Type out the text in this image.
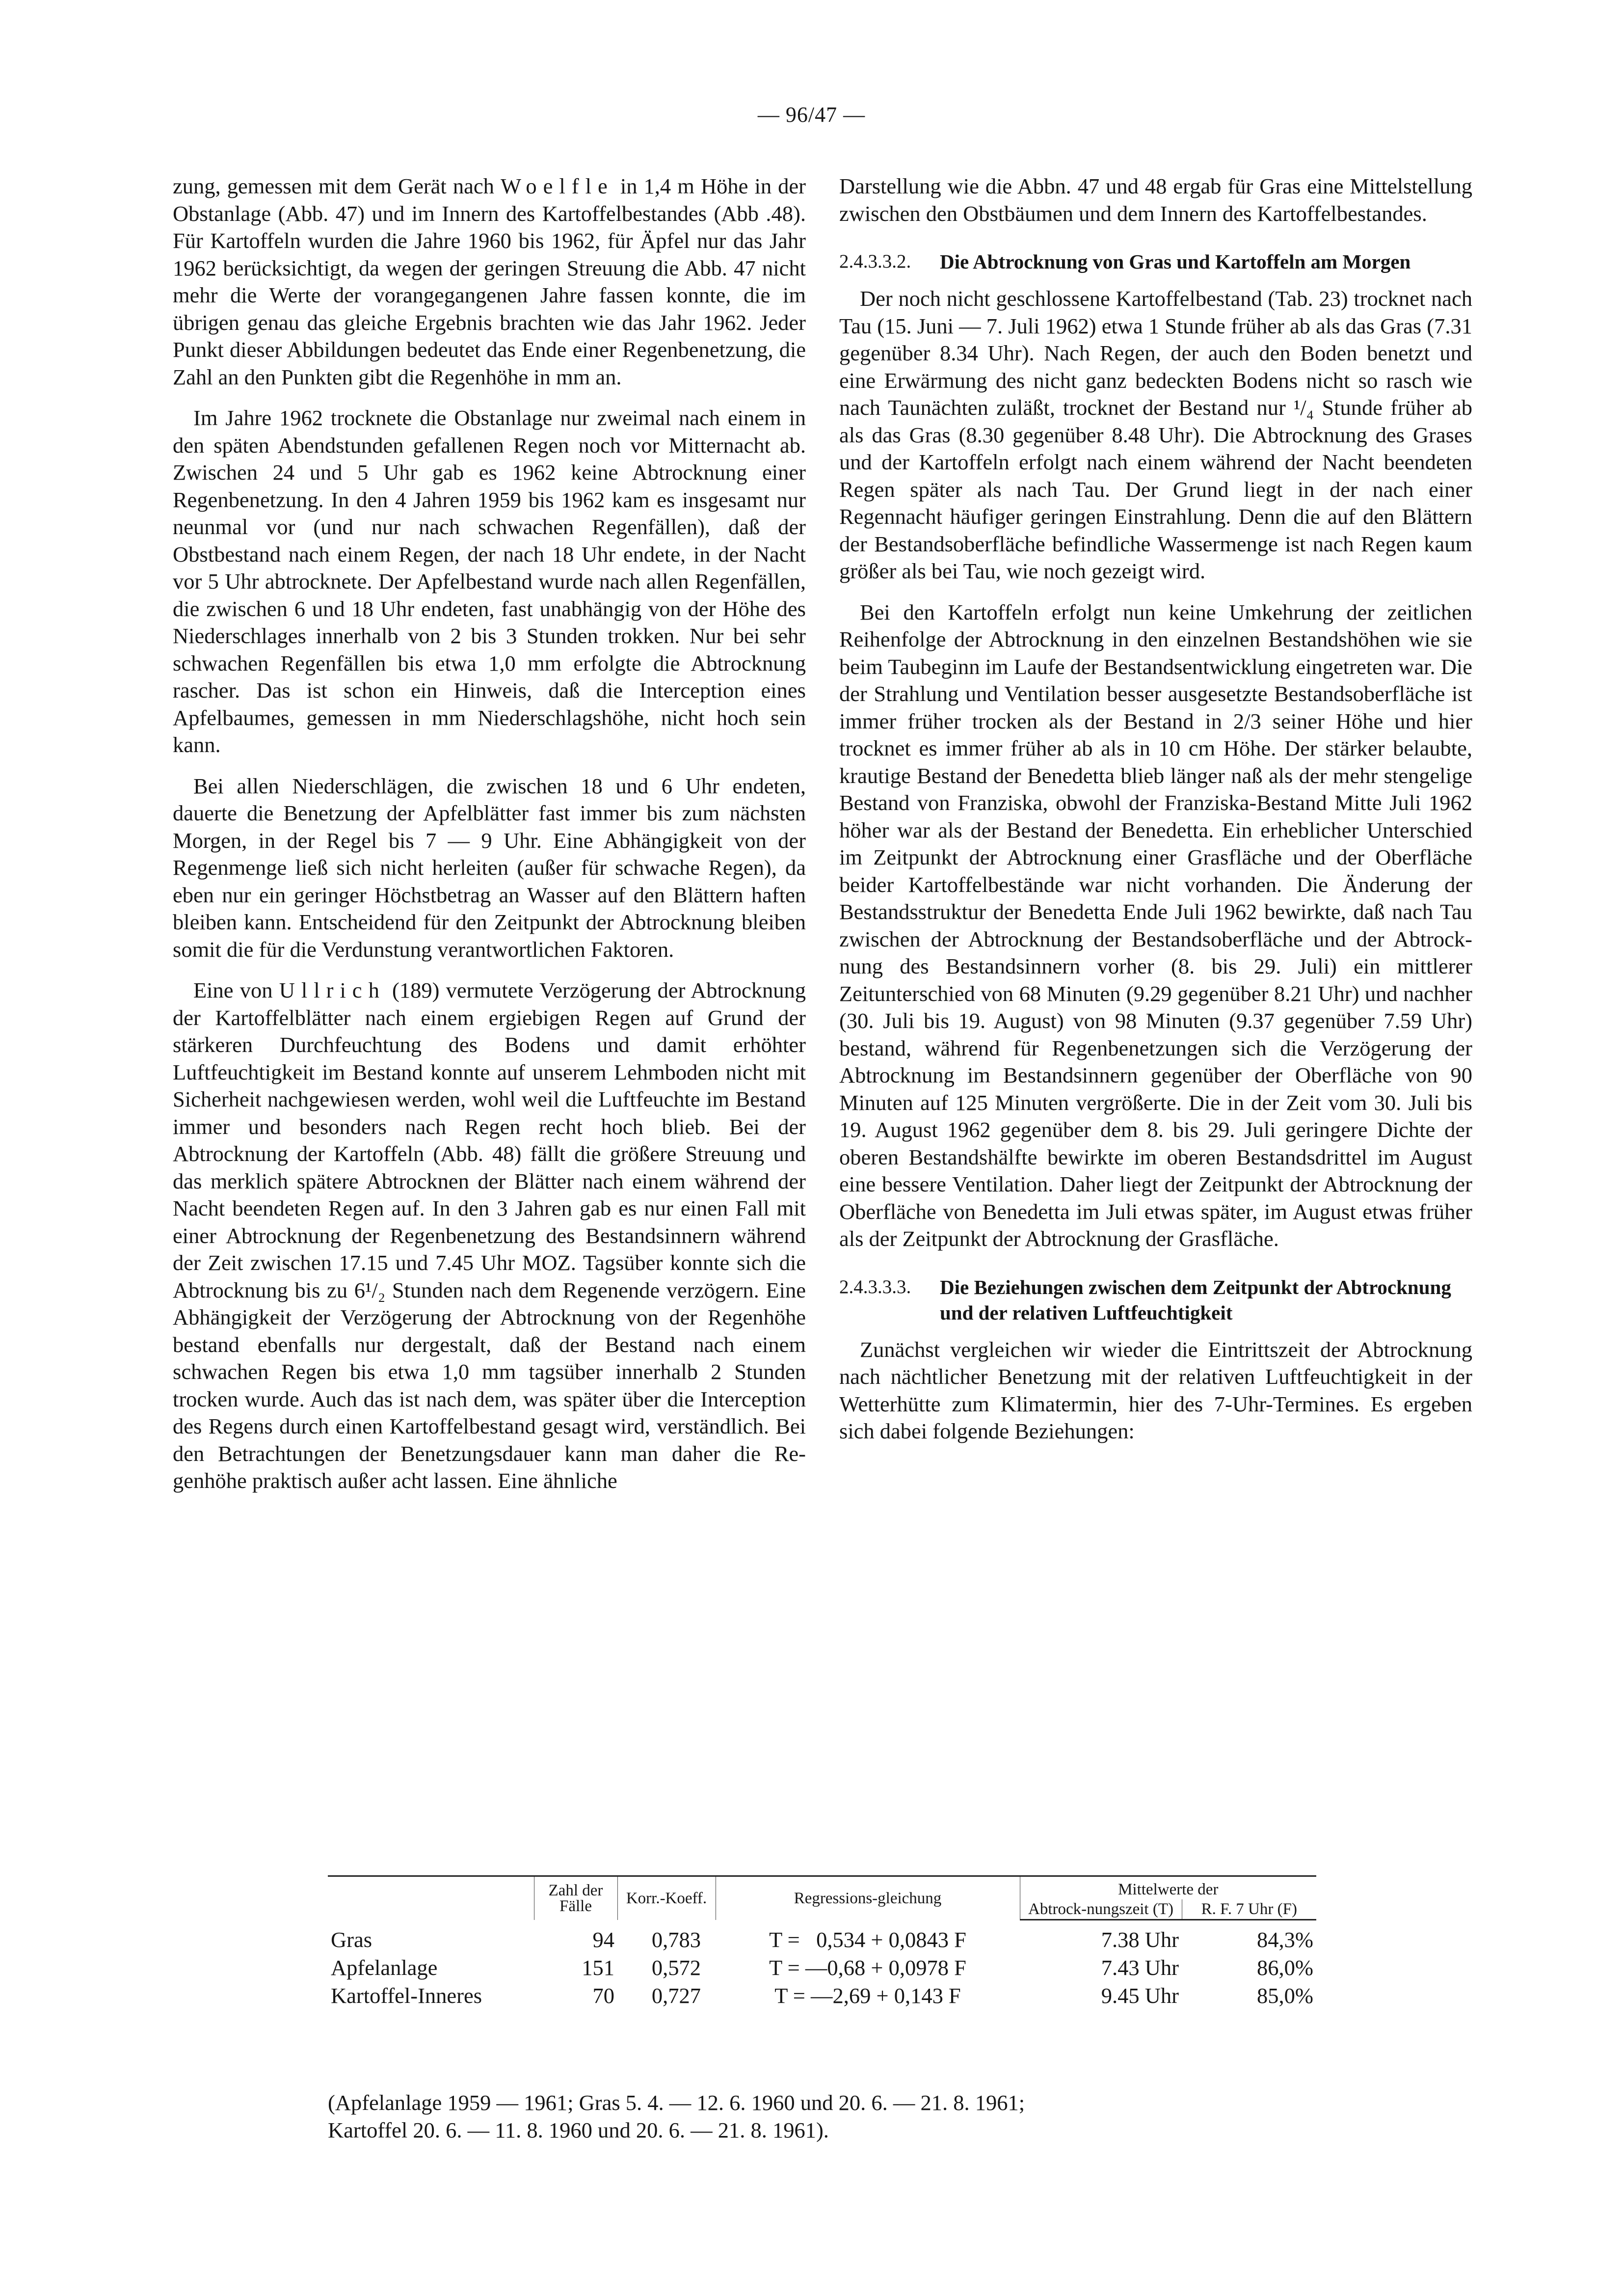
— 96/47 —

zung, gemessen mit dem Gerät nach Woelfle in 1,4 m Höhe in der Obstanlage (Abb. 47) und im Innern des Kartoffelbestandes (Abb .48). Für Kartoffeln wurden die Jahre 1960 bis 1962, für Äpfel nur das Jahr 1962 berücksichtigt, da wegen der geringen Streuung die Abb. 47 nicht mehr die Werte der vorangegangenen Jahre fassen konnte, die im übrigen genau das gleiche Ergebnis brachten wie das Jahr 1962. Jeder Punkt dieser Abbildungen bedeutet das Ende einer Regenbenetzung, die Zahl an den Punkten gibt die Regenhöhe in mm an.

Im Jahre 1962 trocknete die Obstanlage nur zweimal nach einem in den späten Abendstunden gefallenen Regen noch vor Mitternacht ab. Zwischen 24 und 5 Uhr gab es 1962 keine Abtrocknung einer Regenbenetzung. In den 4 Jahren 1959 bis 1962 kam es insgesamt nur neunmal vor (und nur nach schwachen Regenfällen), daß der Obstbestand nach einem Regen, der nach 18 Uhr endete, in der Nacht vor 5 Uhr abtrocknete. Der Apfelbestand wurde nach allen Regenfällen, die zwischen 6 und 18 Uhr endeten, fast unabhängig von der Höhe des Niederschlages innerhalb von 2 bis 3 Stunden trokken. Nur bei sehr schwachen Regenfällen bis etwa 1,0 mm erfolgte die Abtrocknung rascher. Das ist schon ein Hinweis, daß die Interception eines Apfelbaumes, gemessen in mm Niederschlagshöhe, nicht hoch sein kann.

Bei allen Niederschlägen, die zwischen 18 und 6 Uhr endeten, dauerte die Benetzung der Apfelblätter fast immer bis zum nächsten Morgen, in der Regel bis 7 — 9 Uhr. Eine Abhängigkeit von der Regenmenge ließ sich nicht herleiten (außer für schwache Regen), da eben nur ein geringer Höchstbetrag an Wasser auf den Blättern haften bleiben kann. Entscheidend für den Zeitpunkt der Abtrocknung bleiben somit die für die Verdunstung verantwortlichen Faktoren.

Eine von Ullrich (189) vermutete Verzögerung der Abtrocknung der Kartoffelblätter nach einem ergiebigen Regen auf Grund der stärkeren Durchfeuchtung des Bodens und damit erhöhter Luftfeuchtigkeit im Bestand konnte auf unserem Lehmboden nicht mit Sicherheit nachgewiesen werden, wohl weil die Luftfeuchte im Bestand immer und besonders nach Regen recht hoch blieb. Bei der Abtrocknung der Kartoffeln (Abb. 48) fällt die größere Streuung und das merklich spätere Abtrocknen der Blätter nach einem während der Nacht beendeten Regen auf. In den 3 Jahren gab es nur einen Fall mit einer Abtrocknung der Regenbenetzung des Bestandsinnern während der Zeit zwischen 17.15 und 7.45 Uhr MOZ. Tagsüber konnte sich die Abtrocknung bis zu 6¹/₂ Stunden nach dem Regenende verzögern. Eine Abhängigkeit der Verzögerung der Abtrocknung von der Regenhöhe bestand ebenfalls nur dergestalt, daß der Bestand nach einem schwachen Regen bis etwa 1,0 mm tagsüber innerhalb 2 Stunden trocken wurde. Auch das ist nach dem, was später über die Interception des Regens durch einen Kartoffelbestand gesagt wird, verständlich. Bei den Betrachtungen der Benetzungsdauer kann man daher die Regenhöhe praktisch außer acht lassen. Eine ähnliche

Darstellung wie die Abbn. 47 und 48 ergab für Gras eine Mittelstellung zwischen den Obstbäumen und dem Innern des Kartoffelbestandes.

2.4.3.3.2.	Die Abtrocknung von Gras und Kartoffeln am Morgen

Der noch nicht geschlossene Kartoffelbestand (Tab. 23) trocknet nach Tau (15. Juni — 7. Juli 1962) etwa 1 Stunde früher ab als das Gras (7.31 gegenüber 8.34 Uhr). Nach Regen, der auch den Boden benetzt und eine Erwärmung des nicht ganz bedeckten Bodens nicht so rasch wie nach Taunächten zuläßt, trocknet der Bestand nur ¹/₄ Stunde früher ab als das Gras (8.30 gegenüber 8.48 Uhr). Die Abtrocknung des Grases und der Kartoffeln erfolgt nach einem während der Nacht beendeten Regen später als nach Tau. Der Grund liegt in der nach einer Regennacht häufiger geringen Einstrahlung. Denn die auf den Blättern der Bestandsoberfläche befindliche Wassermenge ist nach Regen kaum größer als bei Tau, wie noch gezeigt wird.

Bei den Kartoffeln erfolgt nun keine Umkehrung der zeitlichen Reihenfolge der Abtrocknung in den einzelnen Bestandshöhen wie sie beim Taubeginn im Laufe der Bestandsentwicklung eingetreten war. Die der Strahlung und Ventilation besser ausgesetzte Bestandsoberfläche ist immer früher trocken als der Bestand in 2/3 seiner Höhe und hier trocknet es immer früher ab als in 10 cm Höhe. Der stärker belaubte, krautige Bestand der Benedetta blieb länger naß als der mehr stengelige Bestand von Franziska, obwohl der Franziska-Bestand Mitte Juli 1962 höher war als der Bestand der Benedetta. Ein erheblicher Unterschied im Zeitpunkt der Abtrocknung einer Grasfläche und der Oberfläche beider Kartoffelbestände war nicht vorhanden. Die Änderung der Bestandsstruktur der Benedetta Ende Juli 1962 bewirkte, daß nach Tau zwischen der Abtrocknung der Bestandsoberfläche und der Abtrocknung des Bestandsinnern vorher (8. bis 29. Juli) ein mittlerer Zeitunterschied von 68 Minuten (9.29 gegenüber 8.21 Uhr) und nachher (30. Juli bis 19. August) von 98 Minuten (9.37 gegenüber 7.59 Uhr) bestand, während für Regenbenetzungen sich die Verzögerung der Abtrocknung im Bestandsinnern gegenüber der Oberfläche von 90 Minuten auf 125 Minuten vergrößerte. Die in der Zeit vom 30. Juli bis 19. August 1962 gegenüber dem 8. bis 29. Juli geringere Dichte der oberen Bestandshälfte bewirkte im oberen Bestandsdrittel im August eine bessere Ventilation. Daher liegt der Zeitpunkt der Abtrocknung der Oberfläche von Benedetta im Juli etwas später, im August etwas früher als der Zeitpunkt der Abtrocknung der Grasfläche.

2.4.3.3.3.	Die Beziehungen zwischen dem Zeitpunkt der Abtrocknung und der relativen Luftfeuchtigkeit

Zunächst vergleichen wir wieder die Eintrittszeit der Abtrocknung nach nächtlicher Benetzung mit der relativen Luftfeuchtigkeit in der Wetterhütte zum Klimatermin, hier des 7-Uhr-Termines. Es ergeben sich dabei folgende Beziehungen:

	Zahl der Fälle	Korr.-Koeff.	Regressions-gleichung	Mittelwerte der	
				Abtrock-nungszeit (T)	R. F. 7 Uhr (F)

Gras	94	0,783	T =   0,534 + 0,0843 F	7.38 Uhr	84,3%
Apfelanlage	151	0,572	T = —0,68 + 0,0978 F	7.43 Uhr	86,0%
Kartoffel-Inneres	70	0,727	T = —2,69 + 0,143 F	9.45 Uhr	85,0%
(Apfelanlage 1959 — 1961; Gras 5. 4. — 12. 6. 1960 und 20. 6. — 21. 8. 1961;
Kartoffel 20. 6. — 11. 8. 1960 und 20. 6. — 21. 8. 1961).
